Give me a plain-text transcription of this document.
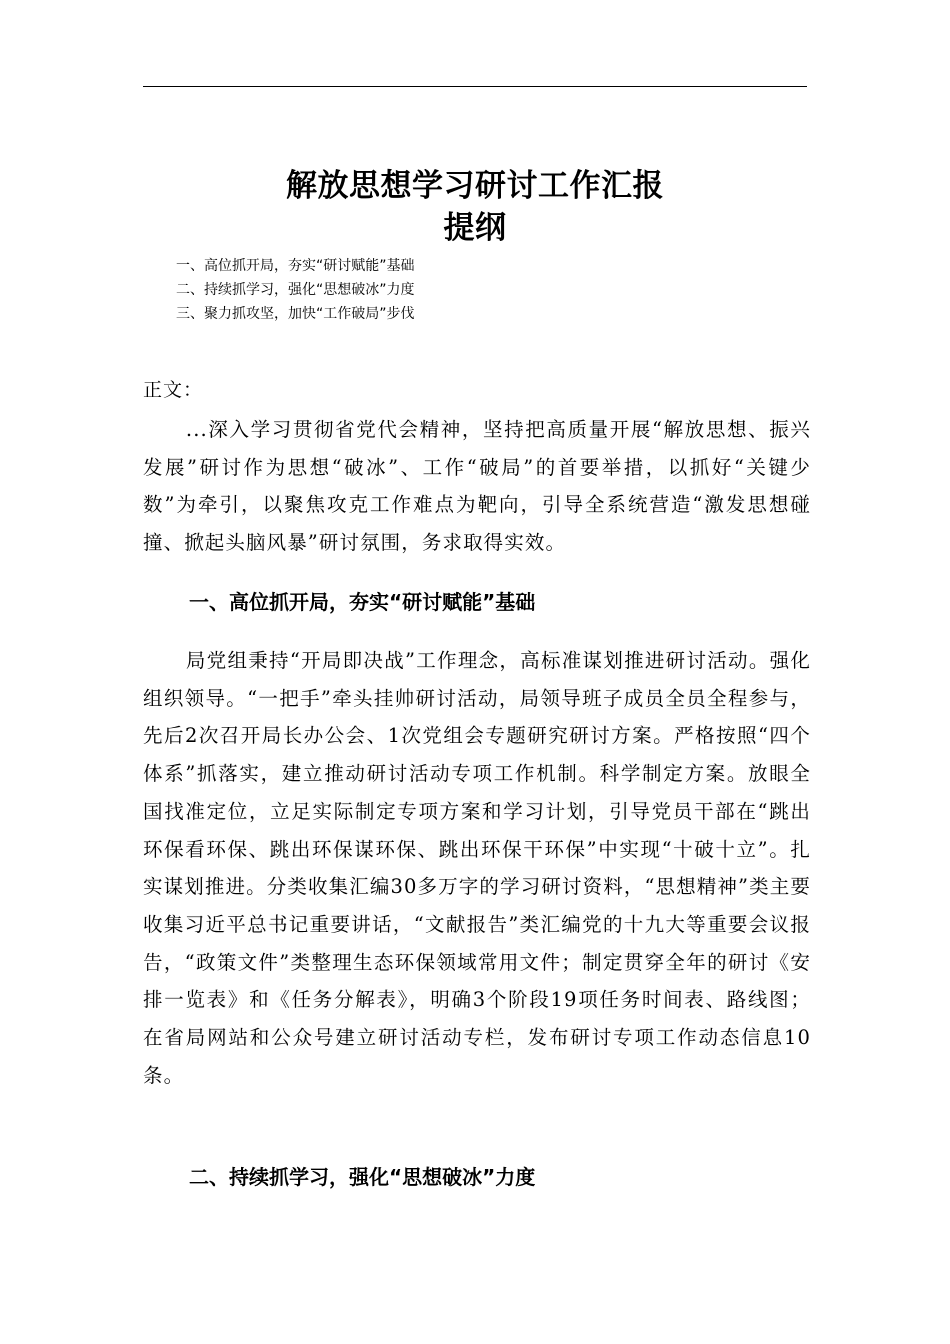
解放思想学习研讨工作汇报
提纲
一、高位抓开局，夯实“研讨赋能”基础
二、持续抓学习，强化“思想破冰”力度
三、聚力抓攻坚，加快“工作破局”步伐
正文：

...深入学习贯彻省党代会精神，坚持把高质量开展“解放思想、振兴发展”研讨作为思想“破冰”、工作“破局”的首要举措，以抓好“关键少数”为牵引，以聚焦攻克工作难点为靶向，引导全系统营造“激发思想碰撞、掀起头脑风暴”研讨氛围，务求取得实效。

一、高位抓开局，夯实“研讨赋能”基础

局党组秉持“开局即决战”工作理念，高标准谋划推进研讨活动。强化组织领导。“一把手”牵头挂帅研讨活动，局领导班子成员全员全程参与，先后2次召开局长办公会、1次党组会专题研究研讨方案。严格按照“四个体系”抓落实，建立推动研讨活动专项工作机制。科学制定方案。放眼全国找准定位，立足实际制定专项方案和学习计划，引导党员干部在“跳出环保看环保、跳出环保谋环保、跳出环保干环保”中实现“十破十立”。扎实谋划推进。分类收集汇编30多万字的学习研讨资料，“思想精神”类主要收集习近平总书记重要讲话，“文献报告”类汇编党的十九大等重要会议报告，“政策文件”类整理生态环保领域常用文件；制定贯穿全年的研讨《安排一览表》和《任务分解表》，明确3个阶段19项任务时间表、路线图；在省局网站和公众号建立研讨活动专栏，发布研讨专项工作动态信息10条。

二、持续抓学习，强化“思想破冰”力度
